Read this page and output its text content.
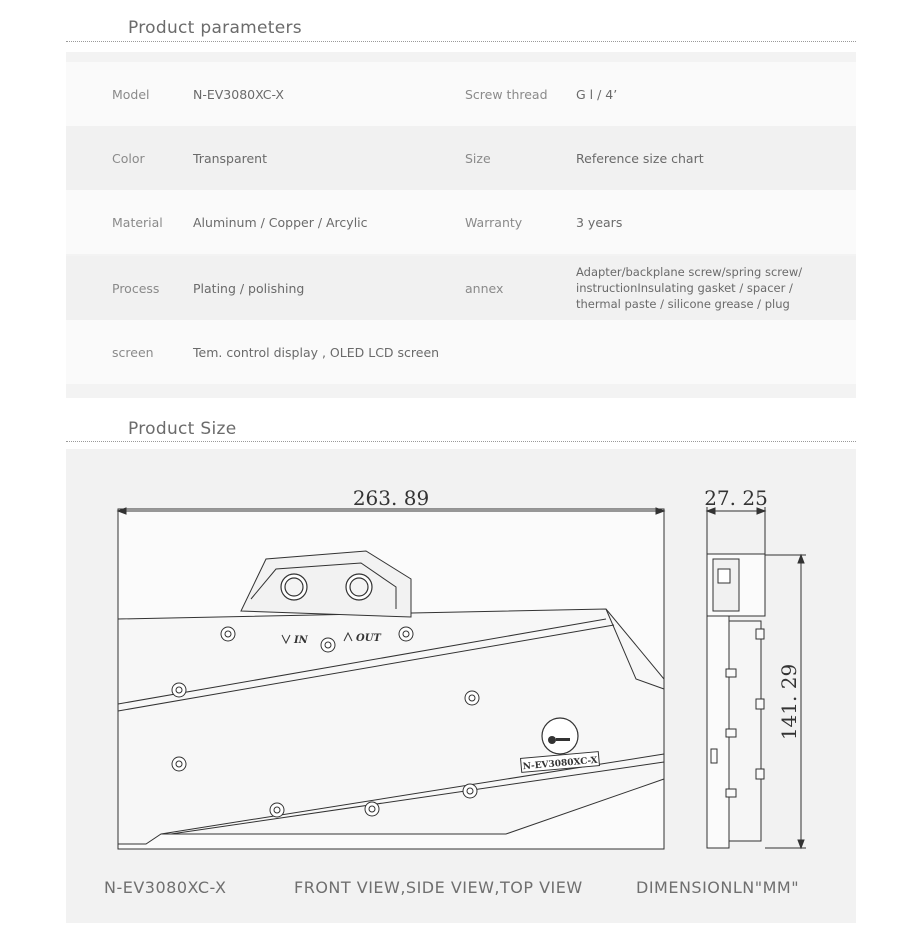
Product parameters
Model	N-EV3080XC-X	Screw thread G l / 4’
Color	Transparent	Size	Reference size chart
Material Aluminum / Copper / Arcylic	Warranty	3 years
Process	Plating / polishing	annex
Adapter/backplane screw/spring screw/
instructionInsulating gasket / spacer /
thermal paste / silicone grease / plug
screen	Tem. control display , OLED LCD screen
Product Size
IN	OUT
N-EV3080XC-X
263. 89	27. 25
141. 29
N-EV3080XC-X	FRONT VIEW,SIDE VIEW,TOP VIEW	DIMENSIONLN"MM"
